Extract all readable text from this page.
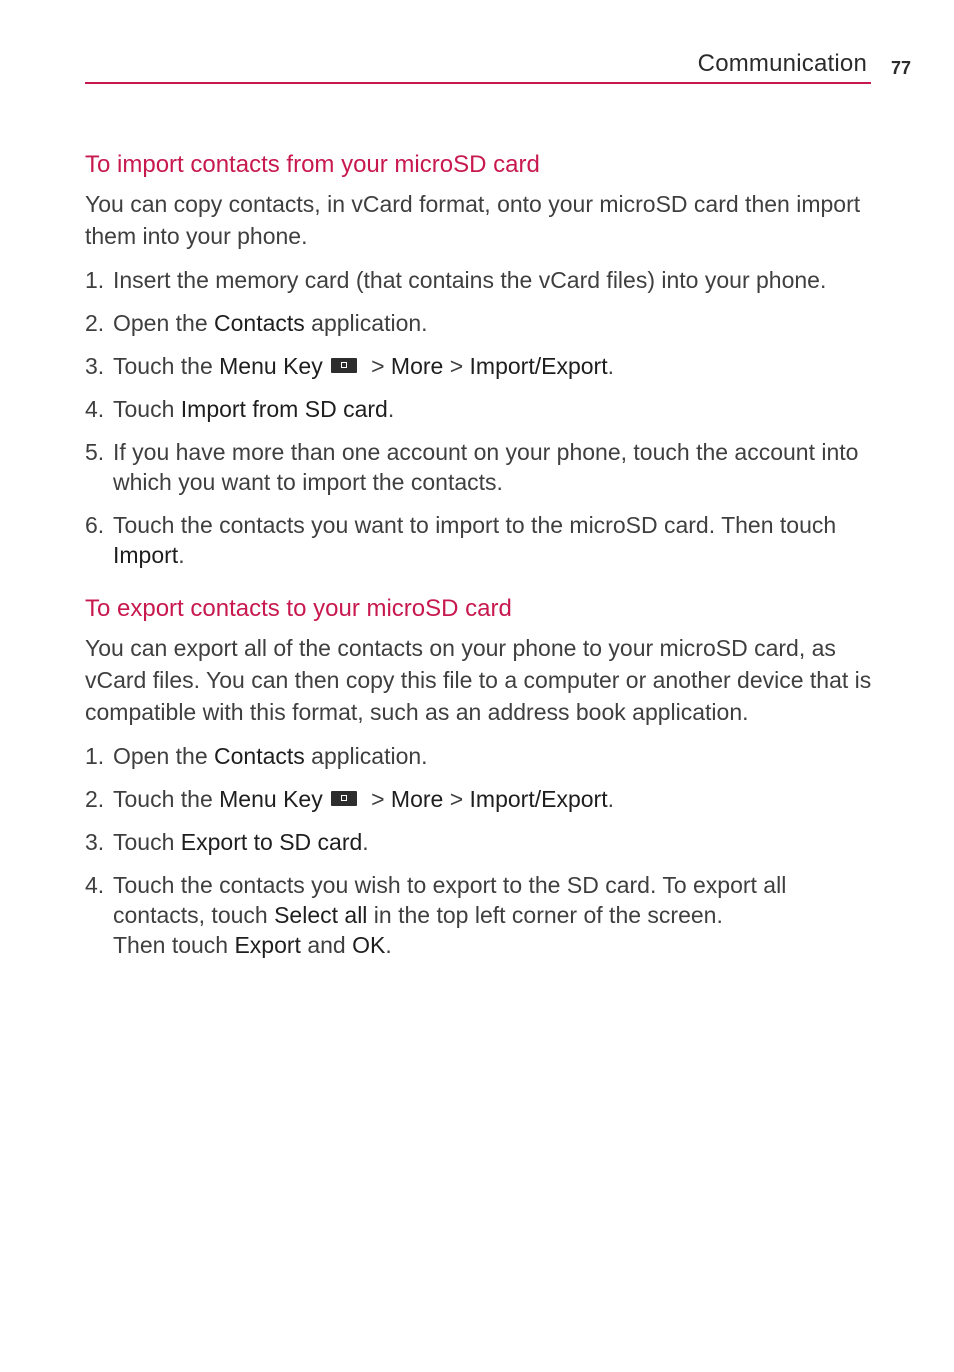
Communication 77
To import contacts from your microSD card

You can copy contacts, in vCard format, onto your microSD card then import them into your phone.

1. Insert the memory card (that contains the vCard files) into your phone.
2. Open the Contacts application.
3. Touch the Menu Key > More > Import/Export.
4. Touch Import from SD card.
5. If you have more than one account on your phone, touch the account into which you want to import the contacts.
6. Touch the contacts you want to import to the microSD card. Then touch Import.
To export contacts to your microSD card

You can export all of the contacts on your phone to your microSD card, as vCard files. You can then copy this file to a computer or another device that is compatible with this format, such as an address book application.

1. Open the Contacts application.
2. Touch the Menu Key > More > Import/Export.
3. Touch Export to SD card.
4. Touch the contacts you wish to export to the SD card. To export all contacts, touch Select all in the top left corner of the screen.
Then touch Export and OK.
